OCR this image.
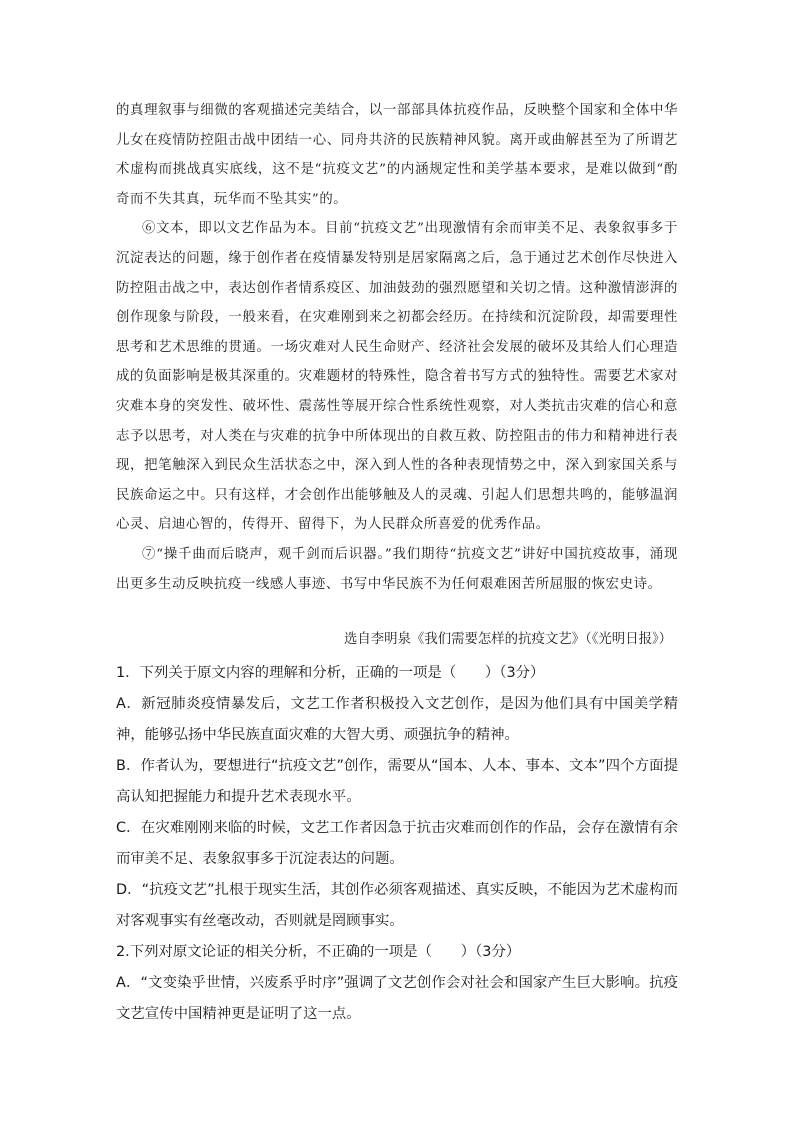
的真理叙事与细微的客观描述完美结合，以一部部具体抗疫作品，反映整个国家和全体中华儿女在疫情防控阻击战中团结一心、同舟共济的民族精神风貌。离开或曲解甚至为了所谓艺术虚构而挑战真实底线，这不是“抗疫文艺”的内涵规定性和美学基本要求，是难以做到“酌奇而不失其真，玩华而不坠其实”的。

⑥文本，即以文艺作品为本。目前“抗疫文艺”出现激情有余而审美不足、表象叙事多于沉淀表达的问题，缘于创作者在疫情暴发特别是居家隔离之后，急于通过艺术创作尽快进入防控阻击战之中，表达创作者情系疫区、加油鼓劲的强烈愿望和关切之情。这种激情澎湃的创作现象与阶段，一般来看，在灾难刚到来之初都会经历。在持续和沉淀阶段，却需要理性思考和艺术思维的贯通。一场灾难对人民生命财产、经济社会发展的破坏及其给人们心理造成的负面影响是极其深重的。灾难题材的特殊性，隐含着书写方式的独特性。需要艺术家对灾难本身的突发性、破坏性、震荡性等展开综合性系统性观察，对人类抗击灾难的信心和意志予以思考，对人类在与灾难的抗争中所体现出的自救互救、防控阻击的伟力和精神进行表现，把笔触深入到民众生活状态之中，深入到人性的各种表现情势之中，深入到家国关系与民族命运之中。只有这样，才会创作出能够触及人的灵魂、引起人们思想共鸣的，能够温润心灵、启迪心智的，传得开、留得下，为人民群众所喜爱的优秀作品。

⑦“操千曲而后晓声，观千剑而后识器。”我们期待“抗疫文艺”讲好中国抗疫故事，涌现出更多生动反映抗疫一线感人事迹、书写中华民族不为任何艰难困苦所屈服的恢宏史诗。

选自李明泉《我们需要怎样的抗疫文艺》（《光明日报》）

1．下列关于原文内容的理解和分析，正确的一项是（　　）（3分）

A．新冠肺炎疫情暴发后，文艺工作者积极投入文艺创作，是因为他们具有中国美学精神，能够弘扬中华民族直面灾难的大智大勇、顽强抗争的精神。

B．作者认为，要想进行“抗疫文艺”创作，需要从“国本、人本、事本、文本”四个方面提高认知把握能力和提升艺术表现水平。

C．在灾难刚刚来临的时候，文艺工作者因急于抗击灾难而创作的作品，会存在激情有余而审美不足、表象叙事多于沉淀表达的问题。

D．“抗疫文艺”扎根于现实生活，其创作必须客观描述、真实反映，不能因为艺术虚构而对客观事实有丝毫改动，否则就是罔顾事实。

2.下列对原文论证的相关分析，不正确的一项是（　　）（3分）

A．“文变染乎世情，兴废系乎时序”强调了文艺创作会对社会和国家产生巨大影响。抗疫文艺宣传中国精神更是证明了这一点。
